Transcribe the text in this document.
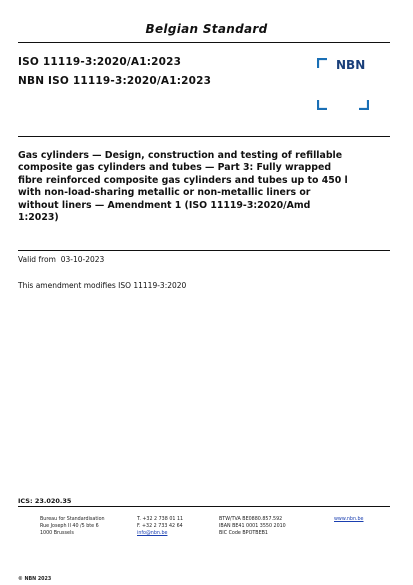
Belgian Standard
ISO 11119-3:2020/A1:2023
NBN ISO 11119-3:2020/A1:2023
NBN
Gas cylinders — Design, construction and testing of refillable
composite gas cylinders and tubes — Part 3: Fully wrapped
fibre reinforced composite gas cylinders and tubes up to 450 l
with non-load-sharing metallic or non-metallic liners or
without liners — Amendment 1 (ISO 11119-3:2020/Amd
1:2023)
Valid from 03-10-2023
This amendment modifies ISO 11119-3:2020
ICS: 23.020.35
Bureau for Standardisation
Rue Joseph II 40 /5 bte 6
1000 Brussels
T. +32 2 738 01 11
F. +32 2 733 42 64
info@nbn.be
BTW/TVA BE0880.857.592
IBAN BE41 0001 3550 2010
BIC Code BPOTBEB1
www.nbn.be
© NBN 2023
